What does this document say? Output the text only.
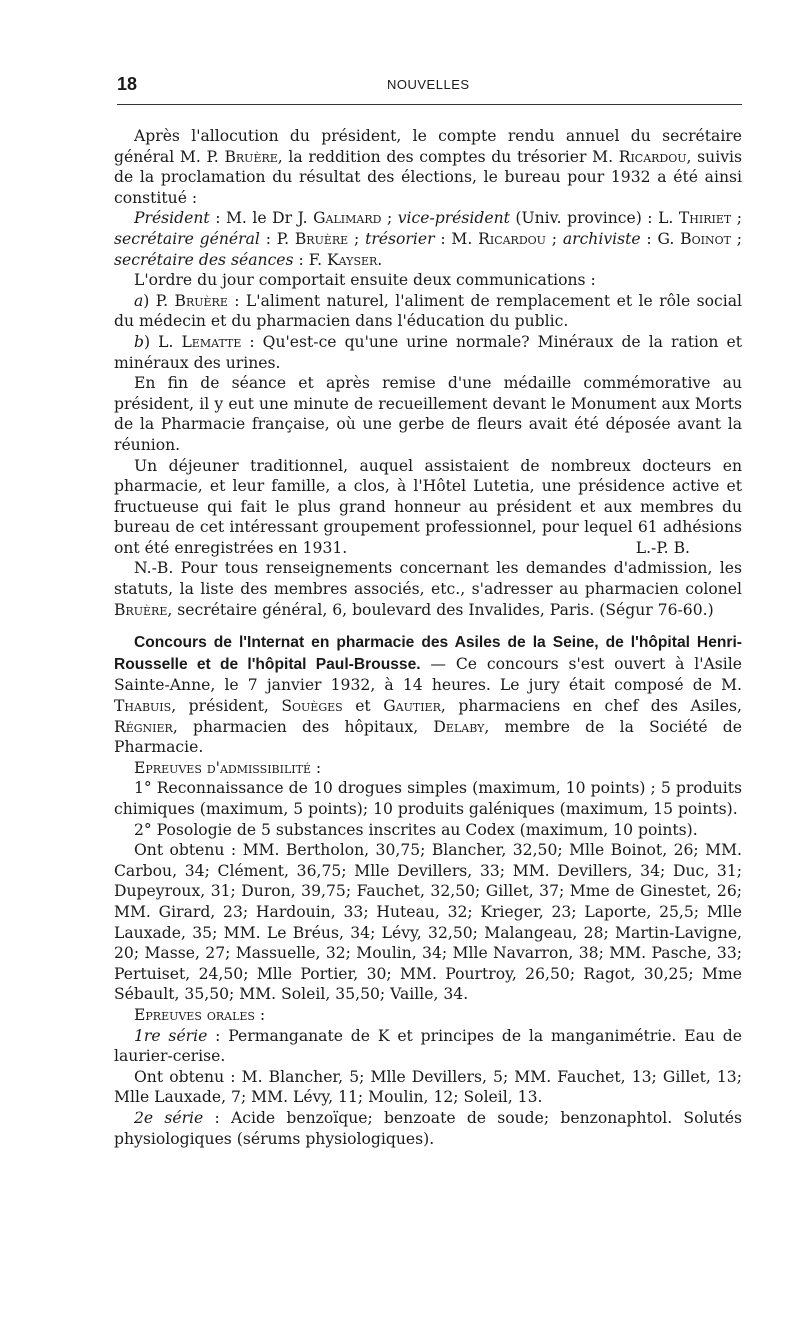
18	NOUVELLES

Après l'allocution du président, le compte rendu annuel du secrétaire général M. P. Bruère, la reddition des comptes du trésorier M. Ricardou, suivis de la proclamation du résultat des élections, le bureau pour 1932 a été ainsi constitué :

Président : M. le Dr J. Galimard ; vice-président (Univ. province) : L. Thiriet ; secrétaire général : P. Bruère ; trésorier : M. Ricardou ; archiviste : G. Boinot ; secrétaire des séances : F. Kayser.

L'ordre du jour comportait ensuite deux communications :

a) P. Bruère : L'aliment naturel, l'aliment de remplacement et le rôle social du médecin et du pharmacien dans l'éducation du public.

b) L. Lematte : Qu'est-ce qu'une urine normale? Minéraux de la ration et minéraux des urines.

En fin de séance et après remise d'une médaille commémorative au président, il y eut une minute de recueillement devant le Monument aux Morts de la Pharmacie française, où une gerbe de fleurs avait été déposée avant la réunion.

Un déjeuner traditionnel, auquel assistaient de nombreux docteurs en pharmacie, et leur famille, a clos, à l'Hôtel Lutetia, une présidence active et fructueuse qui fait le plus grand honneur au président et aux membres du bureau de cet intéressant groupement professionnel, pour lequel 61 adhésions ont été enregistrées en 1931.	L.-P. B.

N.-B. Pour tous renseignements concernant les demandes d'admission, les statuts, la liste des membres associés, etc., s'adresser au pharmacien colonel Bruère, secrétaire général, 6, boulevard des Invalides, Paris. (Ségur 76-60.)

Concours de l'Internat en pharmacie des Asiles de la Seine, de l'hôpital Henri-Rousselle et de l'hôpital Paul-Brousse. — Ce concours s'est ouvert à l'Asile Sainte-Anne, le 7 janvier 1932, à 14 heures. Le jury était composé de M. Thabuis, président, Souèges et Gautier, pharmaciens en chef des Asiles, Régnier, pharmacien des hôpitaux, Delaby, membre de la Société de Pharmacie.

Epreuves d'admissibilité :

1° Reconnaissance de 10 drogues simples (maximum, 10 points) ; 5 produits chimiques (maximum, 5 points); 10 produits galéniques (maximum, 15 points).

2° Posologie de 5 substances inscrites au Codex (maximum, 10 points).

Ont obtenu : MM. Bertholon, 30,75; Blancher, 32,50; Mlle Boinot, 26; MM. Carbou, 34; Clément, 36,75; Mlle Devillers, 33; MM. Devillers, 34; Duc, 31; Dupeyroux, 31; Duron, 39,75; Fauchet, 32,50; Gillet, 37; Mme de Ginestet, 26; MM. Girard, 23; Hardouin, 33; Huteau, 32; Krieger, 23; Laporte, 25,5; Mlle Lauxade, 35; MM. Le Bréus, 34; Lévy, 32,50; Malangeau, 28; Martin-Lavigne, 20; Masse, 27; Massuelle, 32; Moulin, 34; Mlle Navarron, 38; MM. Pasche, 33; Pertuiset, 24,50; Mlle Portier, 30; MM. Pourtroy, 26,50; Ragot, 30,25; Mme Sébault, 35,50; MM. Soleil, 35,50; Vaille, 34.

Epreuves orales :

1re série : Permanganate de K et principes de la manganimétrie. Eau de laurier-cerise.

Ont obtenu : M. Blancher, 5; Mlle Devillers, 5; MM. Fauchet, 13; Gillet, 13; Mlle Lauxade, 7; MM. Lévy, 11; Moulin, 12; Soleil, 13.

2e série : Acide benzoïque; benzoate de soude; benzonaphtol. Solutés physiologiques (sérums physiologiques).
